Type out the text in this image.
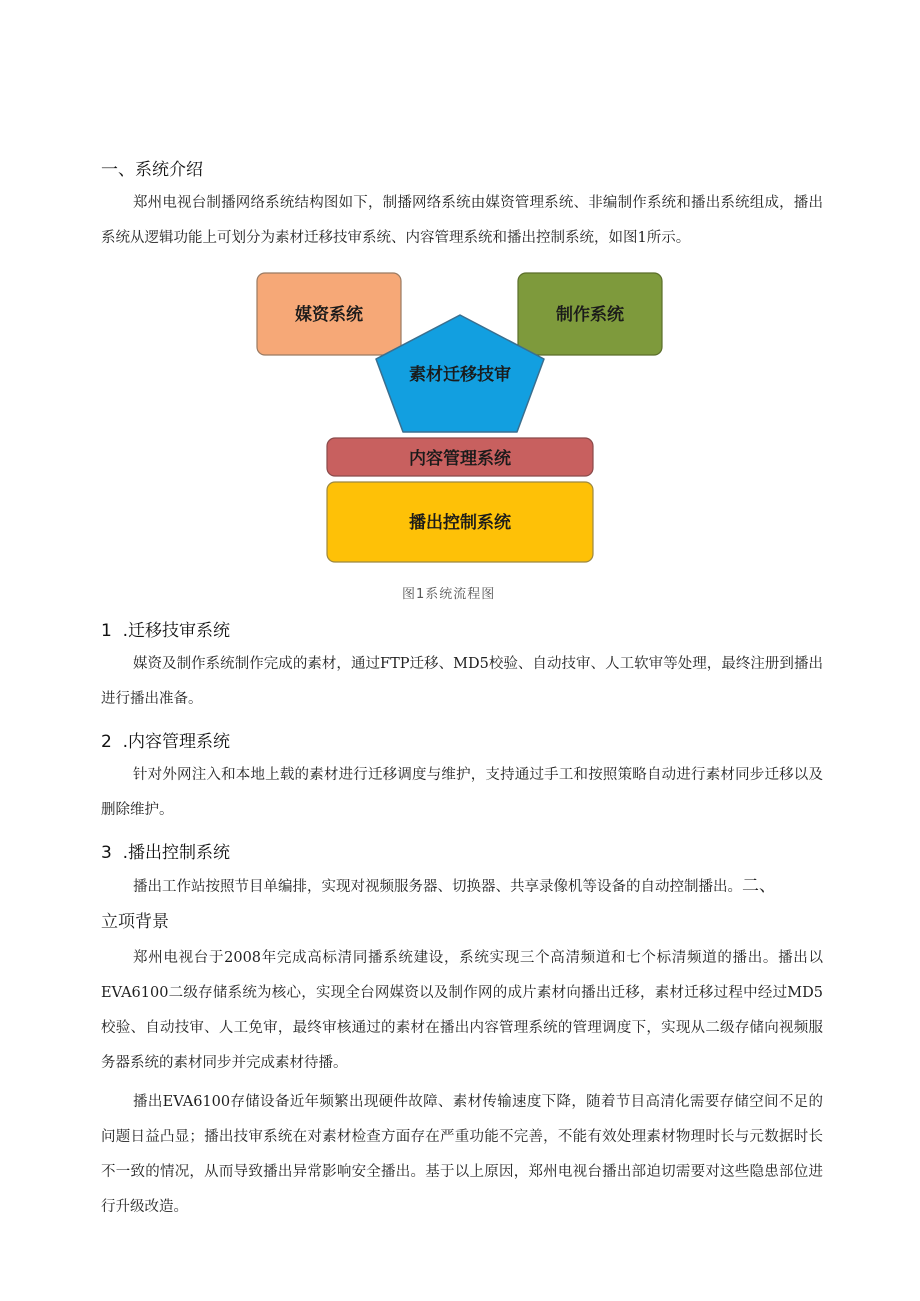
一、系统介绍
郑州电视台制播网络系统结构图如下，制播网络系统由媒资管理系统、非编制作系统和播出系统组成，播出系统从逻辑功能上可划分为素材迁移技审系统、内容管理系统和播出控制系统，如图1所示。
媒资系统	制作系统
内容管理系统
播出控制系统
素材迁移技审
图1系统流程图
1  .迁移技审系统
媒资及制作系统制作完成的素材，通过FTP迁移、MD5校验、自动技审、人工软审等处理，最终注册到播出进行播出准备。
2  .内容管理系统
针对外网注入和本地上载的素材进行迁移调度与维护，支持通过手工和按照策略自动进行素材同步迁移以及删除维护。
3  .播出控制系统
播出工作站按照节目单编排，实现对视频服务器、切换器、共享录像机等设备的自动控制播出。二、
立项背景
郑州电视台于2008年完成高标清同播系统建设，系统实现三个高清频道和七个标清频道的播出。播出以EVA6100二级存储系统为核心，实现全台网媒资以及制作网的成片素材向播出迁移，素材迁移过程中经过MD5校验、自动技审、人工免审，最终审核通过的素材在播出内容管理系统的管理调度下，实现从二级存储向视频服务器系统的素材同步并完成素材待播。
播出EVA6100存储设备近年频繁出现硬件故障、素材传输速度下降，随着节目高清化需要存储空间不足的问题日益凸显；播出技审系统在对素材检查方面存在严重功能不完善，不能有效处理素材物理时长与元数据时长不一致的情况，从而导致播出异常影响安全播出。基于以上原因，郑州电视台播出部迫切需要对这些隐患部位进行升级改造。
